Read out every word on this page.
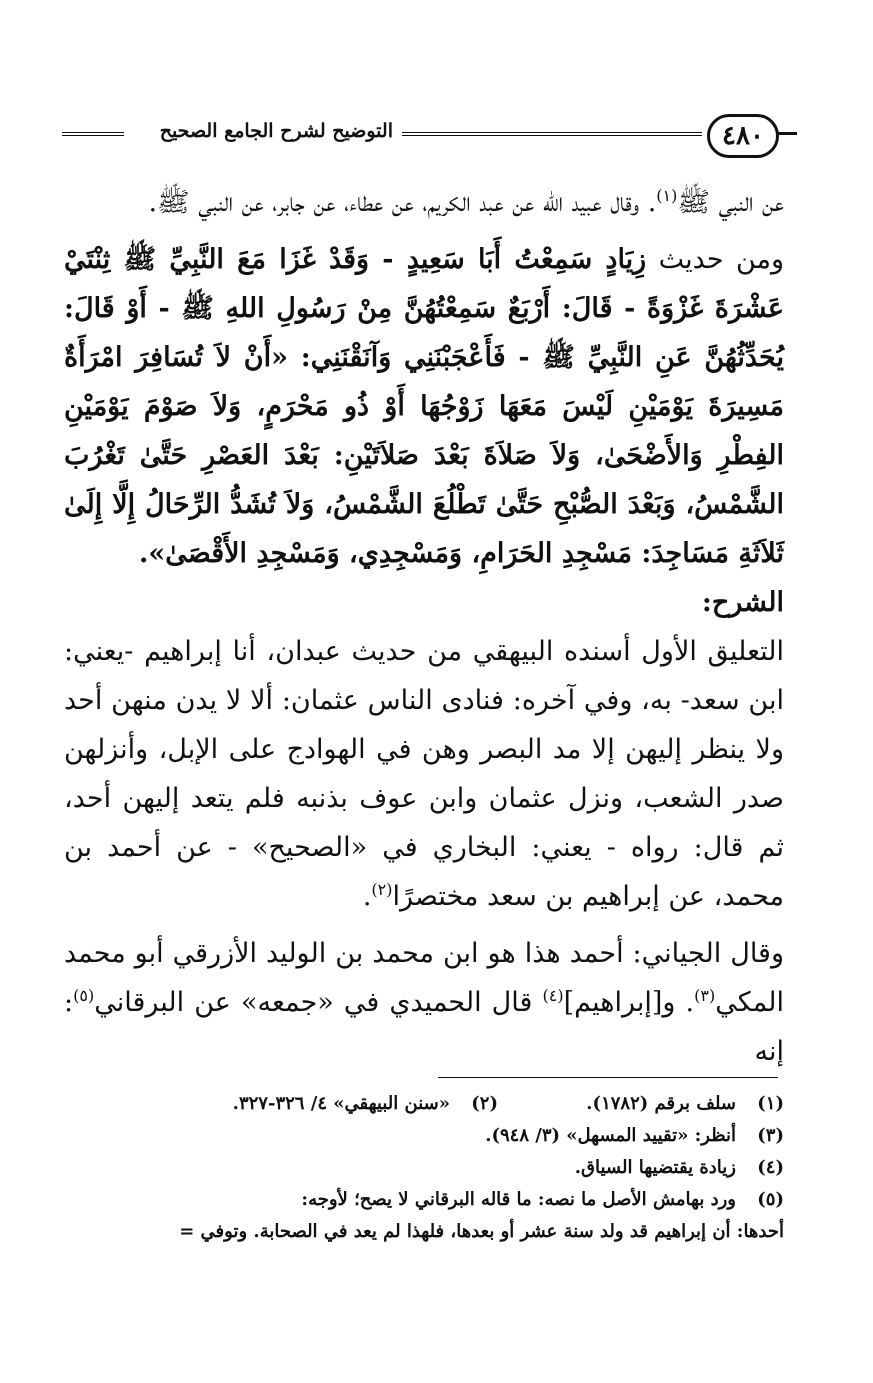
٤٨٠
التوضيح لشرح الجامع الصحيح

عن النبي ﷺ$^{(١)}$. وقال عبيد الله عن عبد الكريم، عن عطاء، عن جابر، عن النبي ﷺ.

ومن حديث زِيَادٍ سَمِعْتُ أَبَا سَعِيدٍ - وَقَدْ غَزَا مَعَ النَّبِيِّ ﷺ ثِنْتَيْ عَشْرَةَ غَزْوَةً - قَالَ: أَرْبَعٌ سَمِعْتُهُنَّ مِنْ رَسُولِ اللهِ ﷺ - أَوْ قَالَ: يُحَدِّثُهُنَّ عَنِ النَّبِيِّ ﷺ - فَأَعْجَبْنَنِي وَآنَقْنَنِي: «أَنْ لاَ تُسَافِرَ امْرَأَةٌ مَسِيرَةَ يَوْمَيْنِ لَيْسَ مَعَهَا زَوْجُهَا أَوْ ذُو مَحْرَمٍ، وَلاَ صَوْمَ يَوْمَيْنِ الفِطْرِ وَالأَضْحَىٰ، وَلاَ صَلاَةَ بَعْدَ صَلاَتَيْنِ: بَعْدَ العَصْرِ حَتَّىٰ تَغْرُبَ الشَّمْسُ، وَبَعْدَ الصُّبْحِ حَتَّىٰ تَطْلُعَ الشَّمْسُ، وَلاَ تُشَدُّ الرِّحَالُ إِلَّا إِلَىٰ ثَلاَثَةِ مَسَاجِدَ: مَسْجِدِ الحَرَامِ، وَمَسْجِدِي، وَمَسْجِدِ الأَقْصَىٰ».

الشرح:

التعليق الأول أسنده البيهقي من حديث عبدان، أنا إبراهيم -يعني: ابن سعد- به، وفي آخره: فنادى الناس عثمان: ألا لا يدن منهن أحد ولا ينظر إليهن إلا مد البصر وهن في الهوادج على الإبل، وأنزلهن صدر الشعب، ونزل عثمان وابن عوف بذنبه فلم يتعد إليهن أحد، ثم قال: رواه - يعني: البخاري في «الصحيح» - عن أحمد بن محمد، عن إبراهيم بن سعد مختصرًا$^{(٢)}$.

وقال الجياني: أحمد هذا هو ابن محمد بن الوليد الأزرقي أبو محمد المكي$^{(٣)}$. و[إبراهيم]$^{(٤)}$ قال الحميدي في «جمعه» عن البرقاني$^{(٥)}$: إنه

(١)
سلف برقم (١٧٨٢).
(٢)
«سنن البيهقي» ٤/ ٣٢٦-٣٢٧.
(٣)
أنظر: «تقييد المسهل» (٣/ ٩٤٨).
(٤)
زيادة يقتضيها السياق.
(٥)
ورد بهامش الأصل ما نصه: ما قاله البرقاني لا يصح؛ لأوجه:
أحدها: أن إبراهيم قد ولد سنة عشر أو بعدها، فلهذا لم يعد في الصحابة. وتوفي =
